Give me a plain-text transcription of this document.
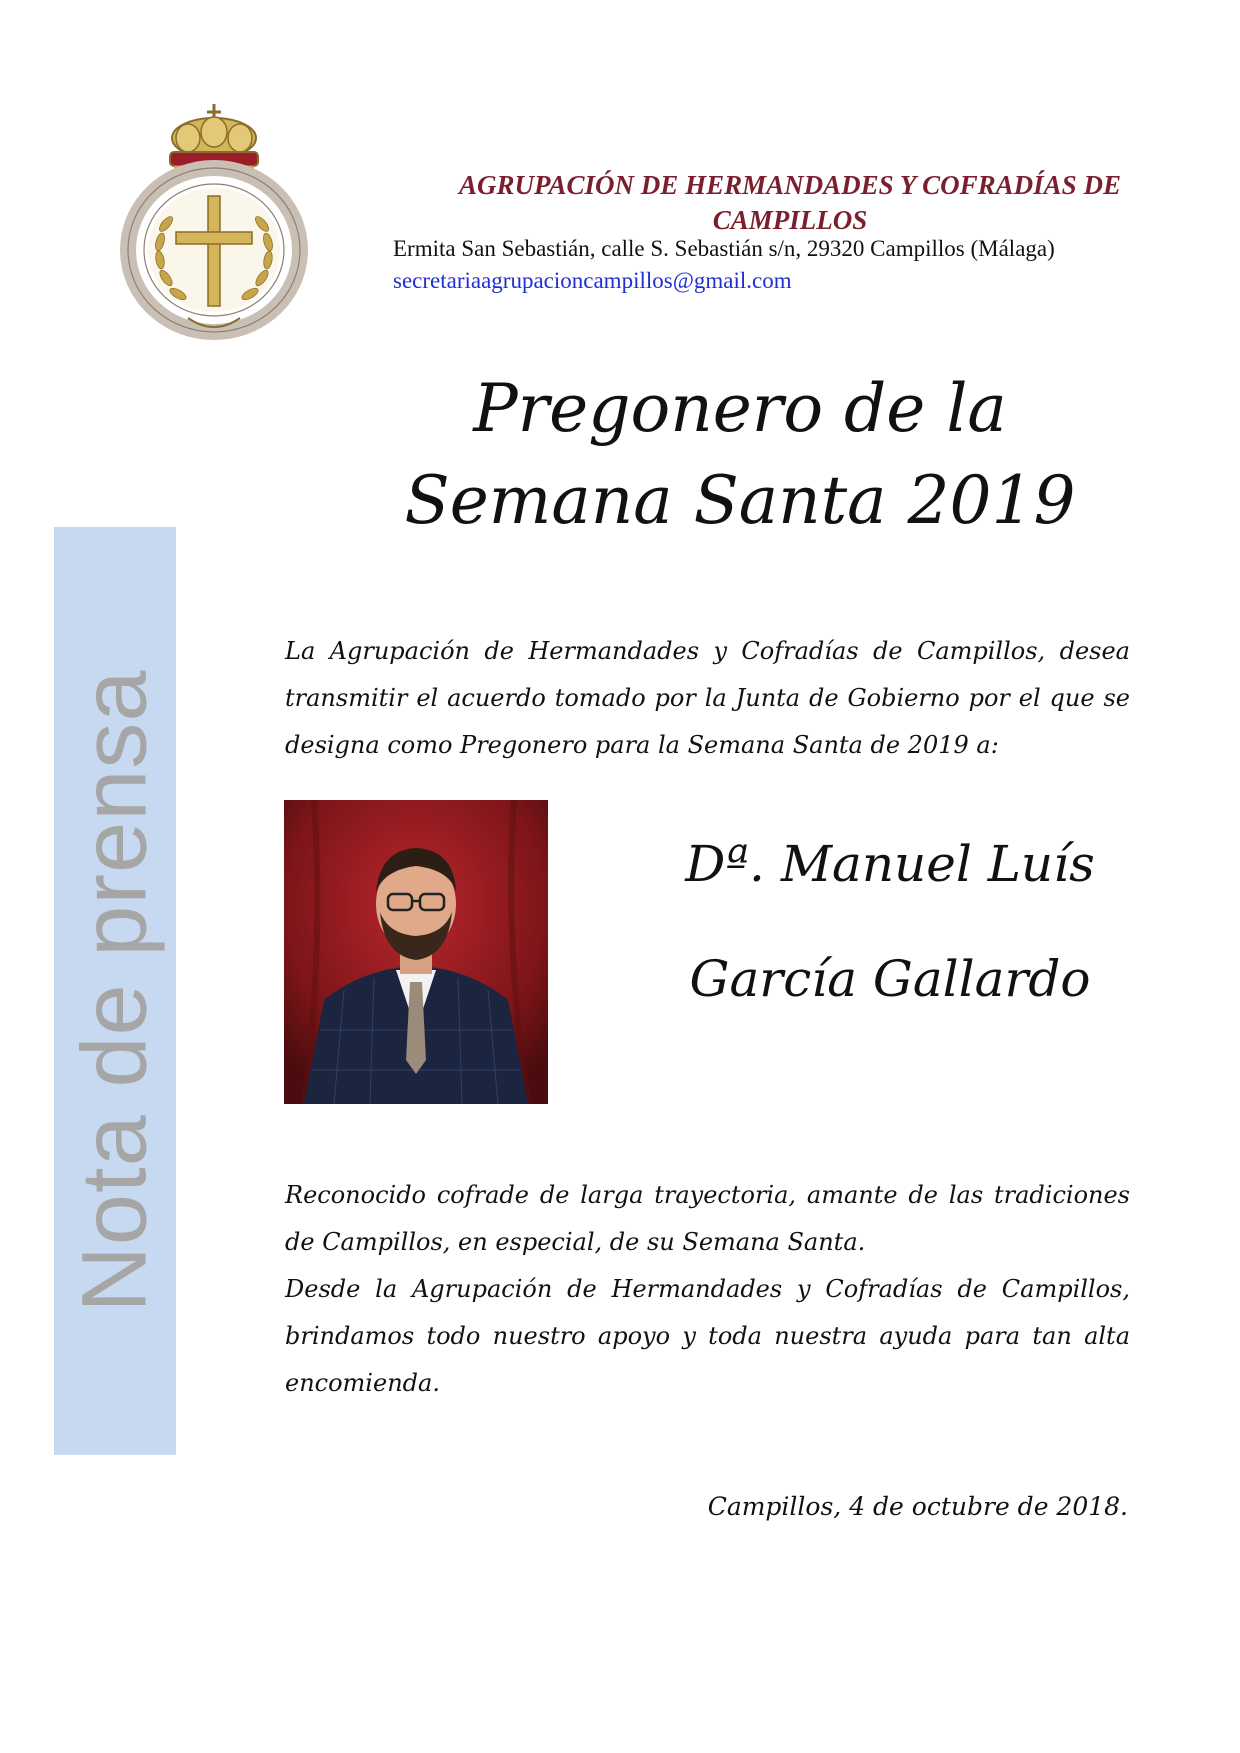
AGRUPACIÓN DE HERMANDADES Y COFRADÍAS DE CAMPILLOS
Ermita San Sebastián, calle S. Sebastián s/n, 29320 Campillos (Málaga)
secretariaagrupacioncampillos@gmail.com
Pregonero de la
Semana Santa 2019
Nota de prensa
La Agrupación de Hermandades y Cofradías de Campillos, desea transmitir el acuerdo tomado por la Junta de Gobierno por el que se designa como Pregonero para la Semana Santa de 2019 a:
Dª. Manuel Luís
García Gallardo
Reconocido cofrade de larga trayectoria, amante de las tradiciones de Campillos, en especial, de su Semana Santa.
Desde la Agrupación de Hermandades y Cofradías de Campillos, brindamos todo nuestro apoyo y toda nuestra ayuda para tan alta encomienda.
Campillos, 4 de octubre de 2018.
